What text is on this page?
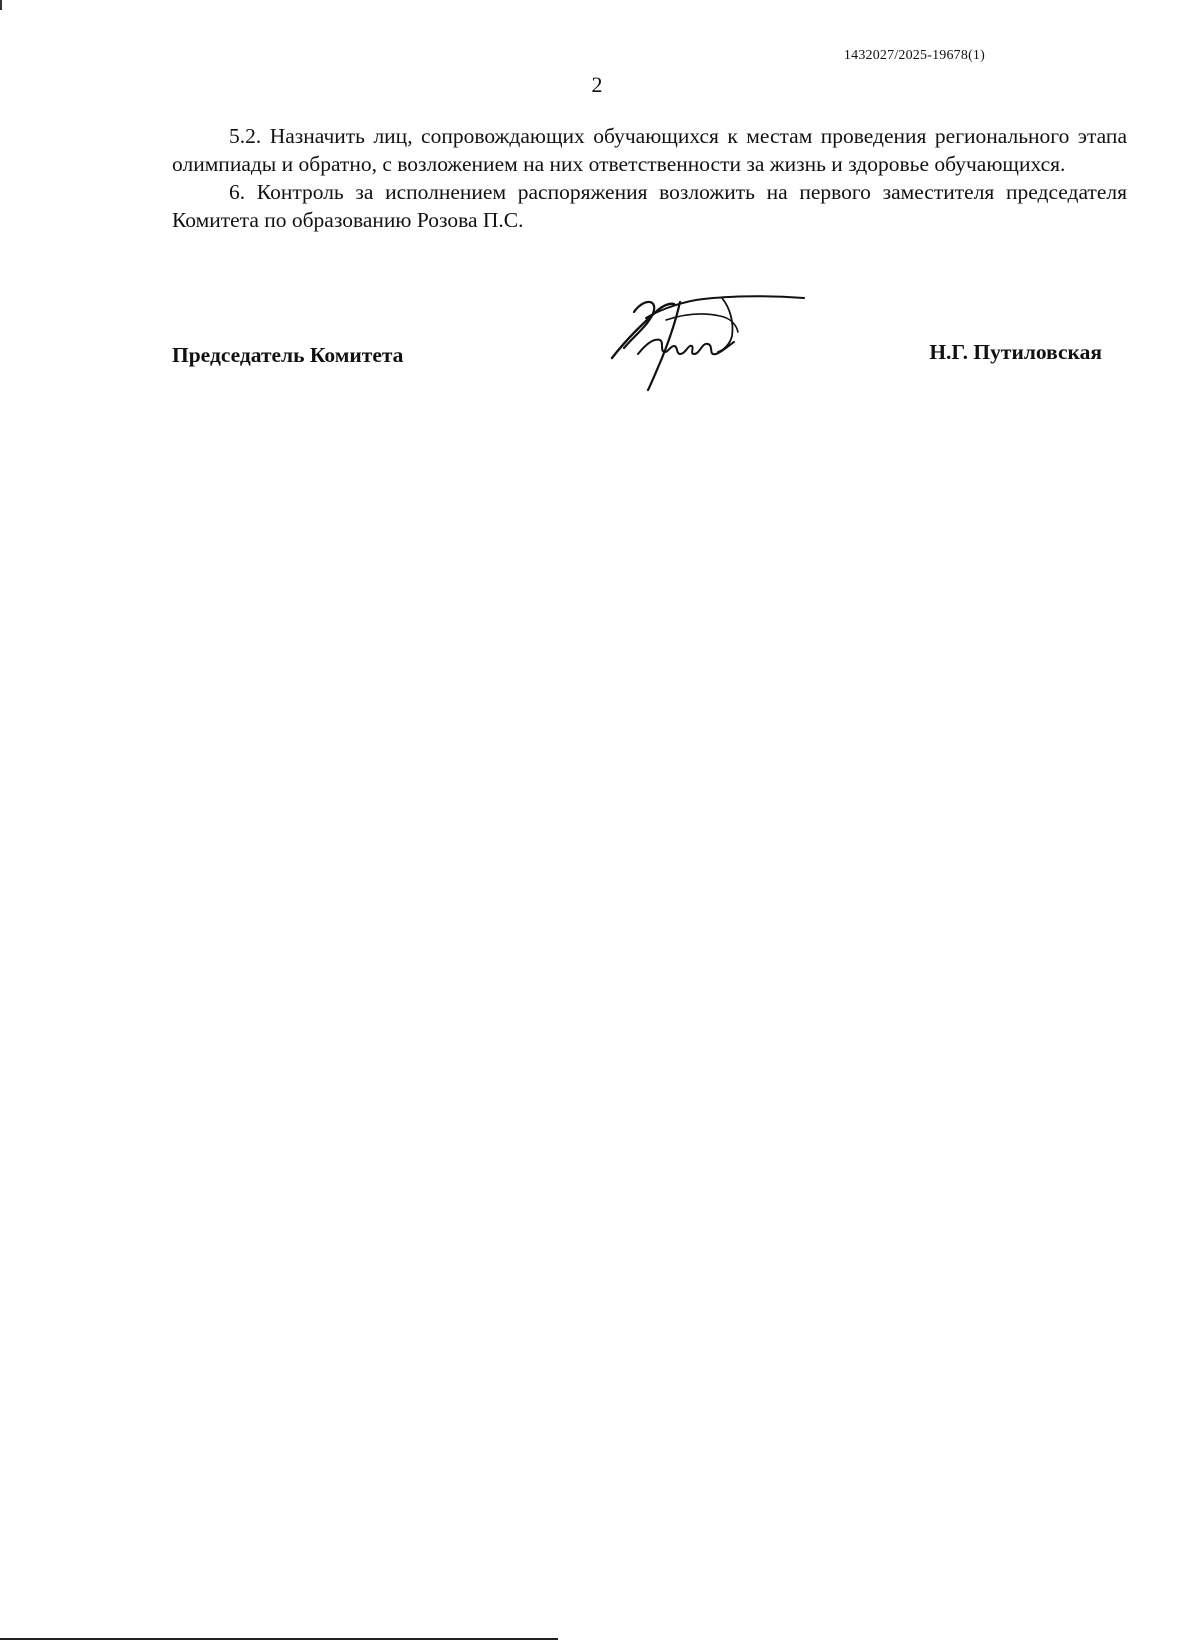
1432027/2025-19678(1)
2

5.2. Назначить лиц, сопровождающих обучающихся к местам проведения регионального этапа олимпиады и обратно, с возложением на них ответственности за жизнь и здоровье обучающихся.

6. Контроль за исполнением распоряжения возложить на первого заместителя председателя Комитета по образованию Розова П.С.

Председатель Комитета	Н.Г. Путиловская
